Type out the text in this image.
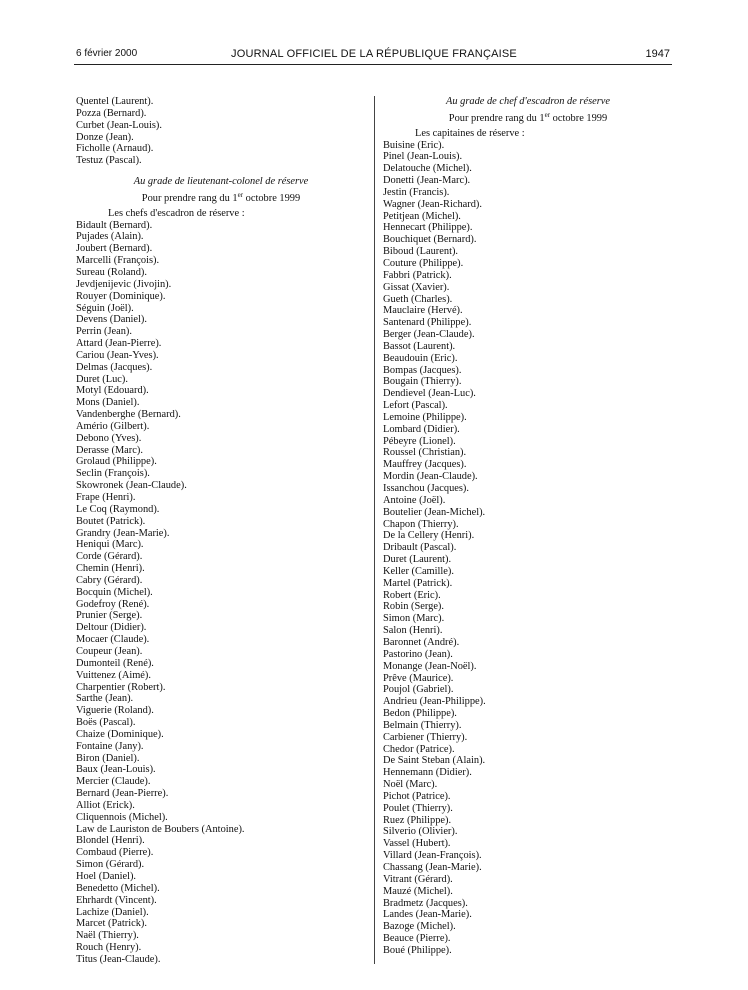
6 février 2000	JOURNAL OFFICIEL DE LA RÉPUBLIQUE FRANÇAISE	1947
Quentel (Laurent).
Pozza (Bernard).
Curbet (Jean-Louis).
Donze (Jean).
Ficholle (Arnaud).
Testuz (Pascal).
Au grade de lieutenant-colonel de réserve
Pour prendre rang du 1er octobre 1999
Les chefs d'escadron de réserve :
Bidault (Bernard).
Pujades (Alain).
Joubert (Bernard).
Marcelli (François).
Sureau (Roland).
Jevdjenijevic (Jivojin).
Rouyer (Dominique).
Séguin (Joël).
Devens (Daniel).
Perrin (Jean).
Attard (Jean-Pierre).
Cariou (Jean-Yves).
Delmas (Jacques).
Duret (Luc).
Motyl (Edouard).
Mons (Daniel).
Vandenberghe (Bernard).
Amério (Gilbert).
Debono (Yves).
Derasse (Marc).
Grolaud (Philippe).
Seclin (François).
Skowronek (Jean-Claude).
Frape (Henri).
Le Coq (Raymond).
Boutet (Patrick).
Grandry (Jean-Marie).
Heniqui (Marc).
Corde (Gérard).
Chemin (Henri).
Cabry (Gérard).
Bocquin (Michel).
Godefroy (René).
Prunier (Serge).
Deltour (Didier).
Mocaer (Claude).
Coupeur (Jean).
Dumonteil (René).
Vuittenez (Aimé).
Charpentier (Robert).
Sarthe (Jean).
Viguerie (Roland).
Boës (Pascal).
Chaize (Dominique).
Fontaine (Jany).
Biron (Daniel).
Baux (Jean-Louis).
Mercier (Claude).
Bernard (Jean-Pierre).
Alliot (Erick).
Cliquennois (Michel).
Law de Lauriston de Boubers (Antoine).
Blondel (Henri).
Combaud (Pierre).
Simon (Gérard).
Hoel (Daniel).
Benedetto (Michel).
Ehrhardt (Vincent).
Lachize (Daniel).
Marcet (Patrick).
Naël (Thierry).
Rouch (Henry).
Titus (Jean-Claude).
Au grade de chef d'escadron de réserve
Pour prendre rang du 1er octobre 1999
Les capitaines de réserve :
Buisine (Eric).
Pinel (Jean-Louis).
Delatouche (Michel).
Donetti (Jean-Marc).
Jestin (Francis).
Wagner (Jean-Richard).
Petitjean (Michel).
Hennecart (Philippe).
Bouchiquet (Bernard).
Biboud (Laurent).
Couture (Philippe).
Fabbri (Patrick).
Gissat (Xavier).
Gueth (Charles).
Mauclaire (Hervé).
Santenard (Philippe).
Berger (Jean-Claude).
Bassot (Laurent).
Beaudouin (Eric).
Bompas (Jacques).
Bougain (Thierry).
Dendievel (Jean-Luc).
Lefort (Pascal).
Lemoine (Philippe).
Lombard (Didier).
Pébeyre (Lionel).
Roussel (Christian).
Mauffrey (Jacques).
Mordin (Jean-Claude).
Issanchou (Jacques).
Antoine (Joël).
Boutelier (Jean-Michel).
Chapon (Thierry).
De la Cellery (Henri).
Dribault (Pascal).
Duret (Laurent).
Keller (Camille).
Martel (Patrick).
Robert (Eric).
Robin (Serge).
Simon (Marc).
Salon (Henri).
Baronnet (André).
Pastorino (Jean).
Monange (Jean-Noël).
Prêve (Maurice).
Poujol (Gabriel).
Andrieu (Jean-Philippe).
Bedon (Philippe).
Belmain (Thierry).
Carbiener (Thierry).
Chedor (Patrice).
De Saint Steban (Alain).
Hennemann (Didier).
Noël (Marc).
Pichot (Patrice).
Poulet (Thierry).
Ruez (Philippe).
Silverio (Olivier).
Vassel (Hubert).
Villard (Jean-François).
Chassang (Jean-Marie).
Vitrant (Gérard).
Mauzé (Michel).
Bradmetz (Jacques).
Landes (Jean-Marie).
Bazoge (Michel).
Beauce (Pierre).
Boué (Philippe).
